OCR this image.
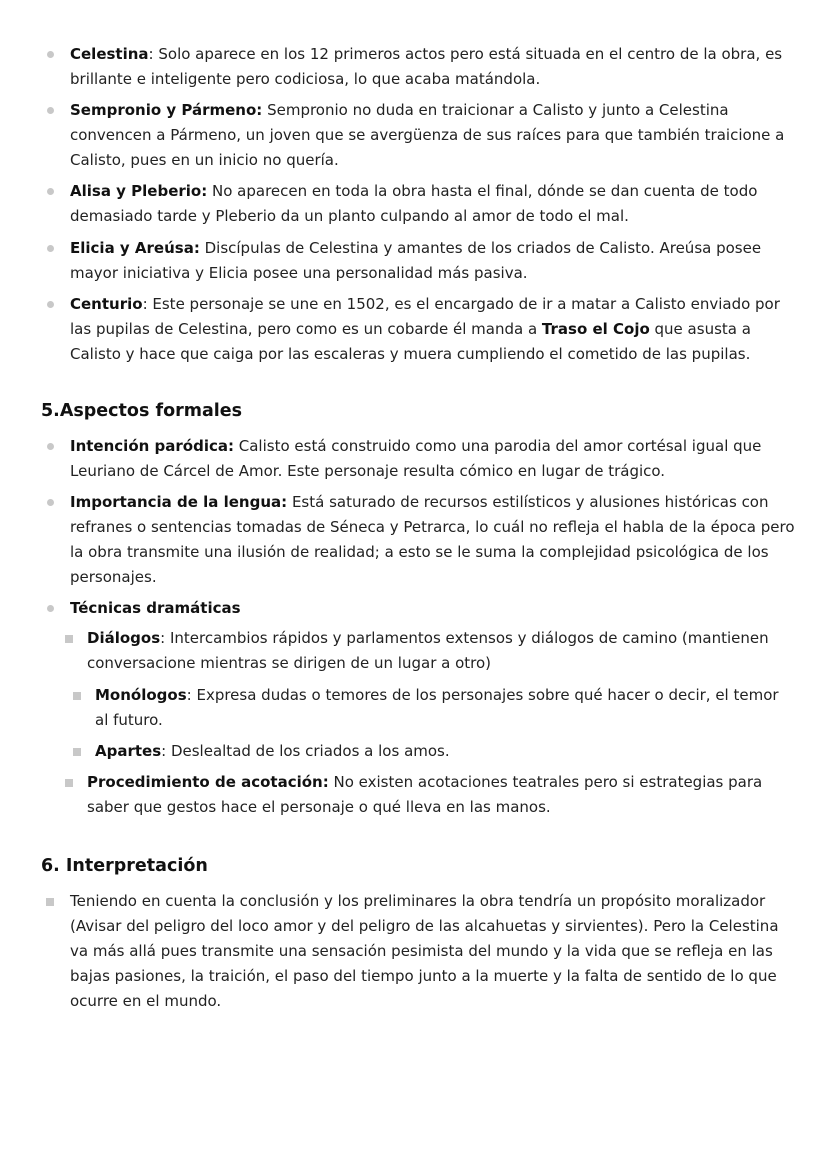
Celestina: Solo aparece en los 12 primeros actos pero está situada en el centro de la obra, es brillante e inteligente pero codiciosa, lo que acaba matándola.
Sempronio y Pármeno: Sempronio no duda en traicionar a Calisto y junto a Celestina convencen a Pármeno, un joven que se avergüenza de sus raíces para que también traicione a Calisto, pues en un inicio no quería.
Alisa y Pleberio: No aparecen en toda la obra hasta el final, dónde se dan cuenta de todo demasiado tarde y Pleberio da un planto culpando al amor de todo el mal.
Elicia y Areúsa: Discípulas de Celestina y amantes de los criados de Calisto. Areúsa posee mayor iniciativa y Elicia posee una personalidad más pasiva.
Centurio: Este personaje se une en 1502, es el encargado de ir a matar a Calisto enviado por las pupilas de Celestina, pero como es un cobarde él manda a Traso el Cojo que asusta a Calisto y hace que caiga por las escaleras y muera cumpliendo el cometido de las pupilas.
5.Aspectos formales
Intención paródica: Calisto está construido como una parodia del amor cortésal igual que Leuriano de Cárcel de Amor. Este personaje resulta cómico en lugar de trágico.
Importancia de la lengua: Está saturado de recursos estilísticos y alusiones históricas con refranes o sentencias tomadas de Séneca y Petrarca, lo cuál no refleja el habla de la época pero la obra transmite una ilusión de realidad; a esto se le suma la complejidad psicológica de los personajes.
Técnicas dramáticas
Diálogos: Intercambios rápidos y parlamentos extensos y diálogos de camino (mantienen conversacione mientras se dirigen de un lugar a otro)
Monólogos: Expresa dudas o temores de los personajes sobre qué hacer o decir, el temor al futuro.
Apartes: Deslealtad de los criados a los amos.
Procedimiento de acotación: No existen acotaciones teatrales pero si estrategias para saber que gestos hace el personaje o qué lleva en las manos.
6. Interpretación
Teniendo en cuenta la conclusión y los preliminares la obra tendría un propósito moralizador (Avisar del peligro del loco amor y del peligro de las alcahuetas y sirvientes). Pero la Celestina va más allá pues transmite una sensación pesimista del mundo y la vida que se refleja en las bajas pasiones, la traición, el paso del tiempo junto a la muerte y la falta de sentido de lo que ocurre en el mundo.
